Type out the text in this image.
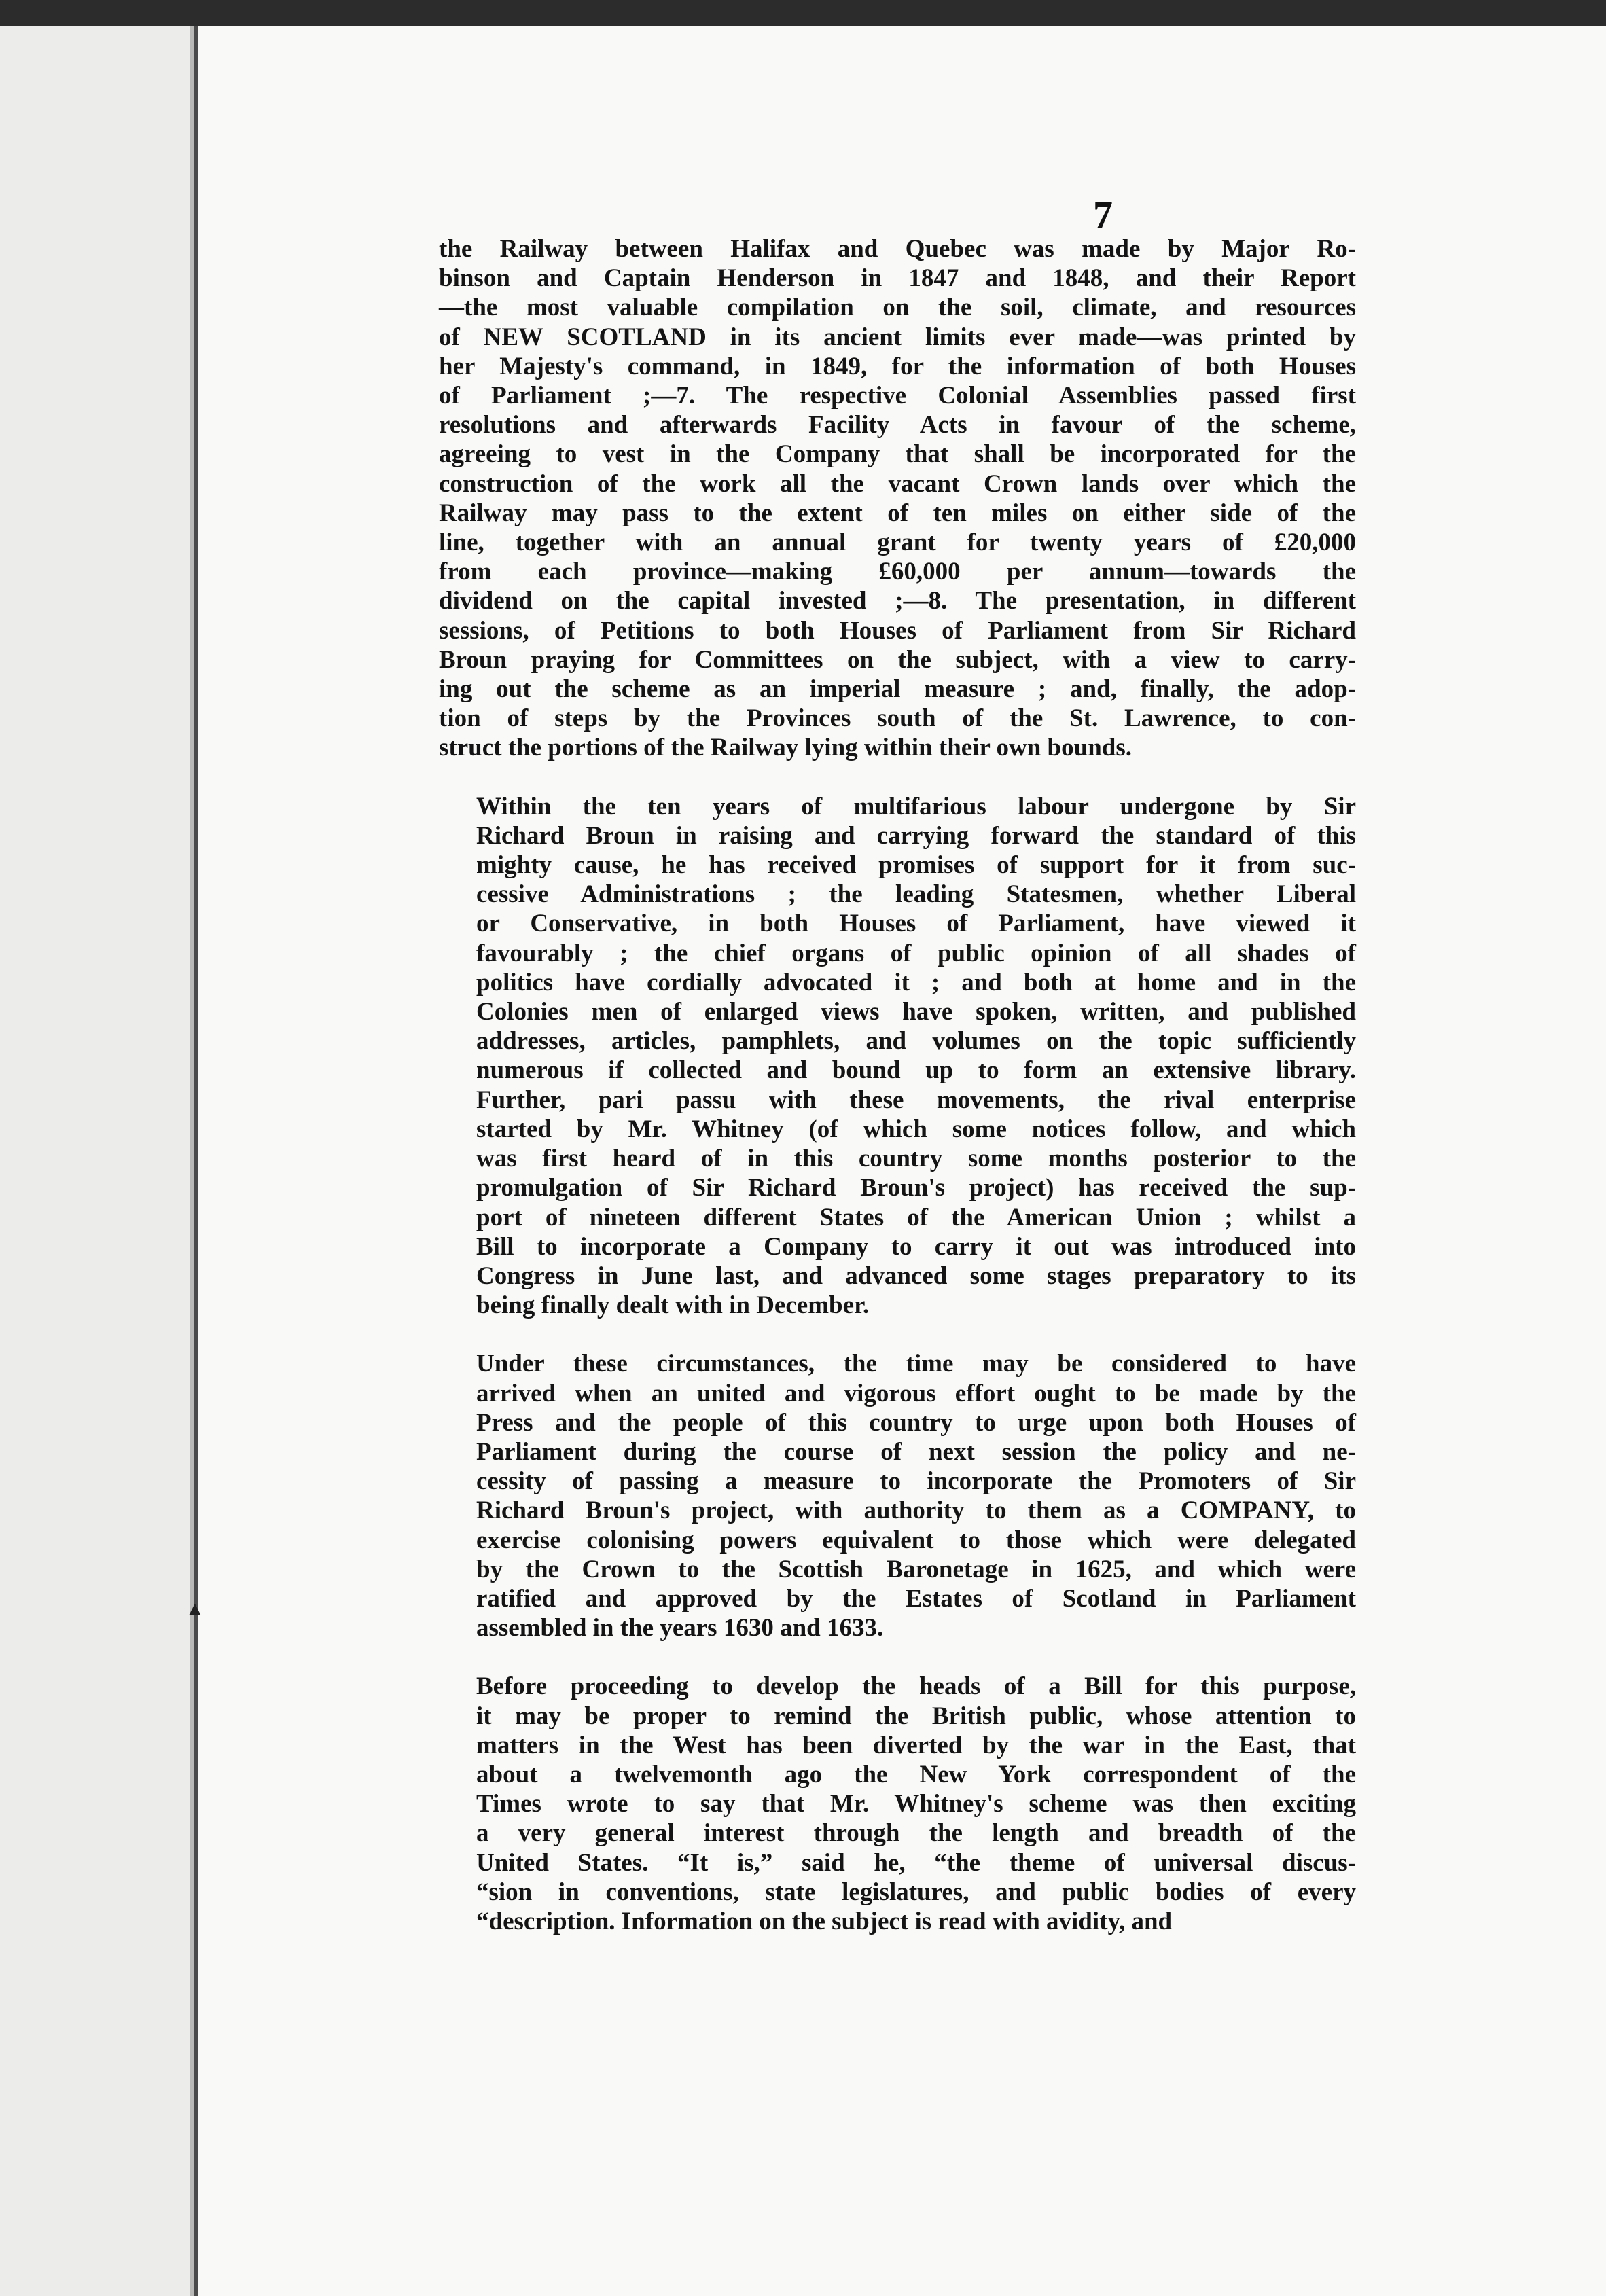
7
▲
the Railway between Halifax and Quebec was made by Major Ro-
binson and Captain Henderson in 1847 and 1848, and their Report
—the most valuable compilation on the soil, climate, and resources
of NEW SCOTLAND in its ancient limits ever made—was printed by
her Majesty's command, in 1849, for the information of both Houses
of Parliament ;—7. The respective Colonial Assemblies passed first
resolutions and afterwards Facility Acts in favour of the scheme,
agreeing to vest in the Company that shall be incorporated for the
construction of the work all the vacant Crown lands over which the
Railway may pass to the extent of ten miles on either side of the
line, together with an annual grant for twenty years of £20,000
from each province—making £60,000 per annum—towards the
dividend on the capital invested ;—8. The presentation, in different
sessions, of Petitions to both Houses of Parliament from Sir Richard
Broun praying for Committees on the subject, with a view to carry-
ing out the scheme as an imperial measure ; and, finally, the adop-
tion of steps by the Provinces south of the St. Lawrence, to con-
struct the portions of the Railway lying within their own bounds.
Within the ten years of multifarious labour undergone by Sir
Richard Broun in raising and carrying forward the standard of this
mighty cause, he has received promises of support for it from suc-
cessive Administrations ; the leading Statesmen, whether Liberal
or Conservative, in both Houses of Parliament, have viewed it
favourably ; the chief organs of public opinion of all shades of
politics have cordially advocated it ; and both at home and in the
Colonies men of enlarged views have spoken, written, and published
addresses, articles, pamphlets, and volumes on the topic sufficiently
numerous if collected and bound up to form an extensive library.
Further, pari passu with these movements, the rival enterprise
started by Mr. Whitney (of which some notices follow, and which
was first heard of in this country some months posterior to the
promulgation of Sir Richard Broun's project) has received the sup-
port of nineteen different States of the American Union ; whilst a
Bill to incorporate a Company to carry it out was introduced into
Congress in June last, and advanced some stages preparatory to its
being finally dealt with in December.
Under these circumstances, the time may be considered to have
arrived when an united and vigorous effort ought to be made by the
Press and the people of this country to urge upon both Houses of
Parliament during the course of next session the policy and ne-
cessity of passing a measure to incorporate the Promoters of Sir
Richard Broun's project, with authority to them as a COMPANY, to
exercise colonising powers equivalent to those which were delegated
by the Crown to the Scottish Baronetage in 1625, and which were
ratified and approved by the Estates of Scotland in Parliament
assembled in the years 1630 and 1633.
Before proceeding to develop the heads of a Bill for this purpose,
it may be proper to remind the British public, whose attention to
matters in the West has been diverted by the war in the East, that
about a twelvemonth ago the New York correspondent of the
Times wrote to say that Mr. Whitney's scheme was then exciting
a very general interest through the length and breadth of the
United States. “It is,” said he, “the theme of universal discus-
“sion in conventions, state legislatures, and public bodies of every
“description. Information on the subject is read with avidity, and
